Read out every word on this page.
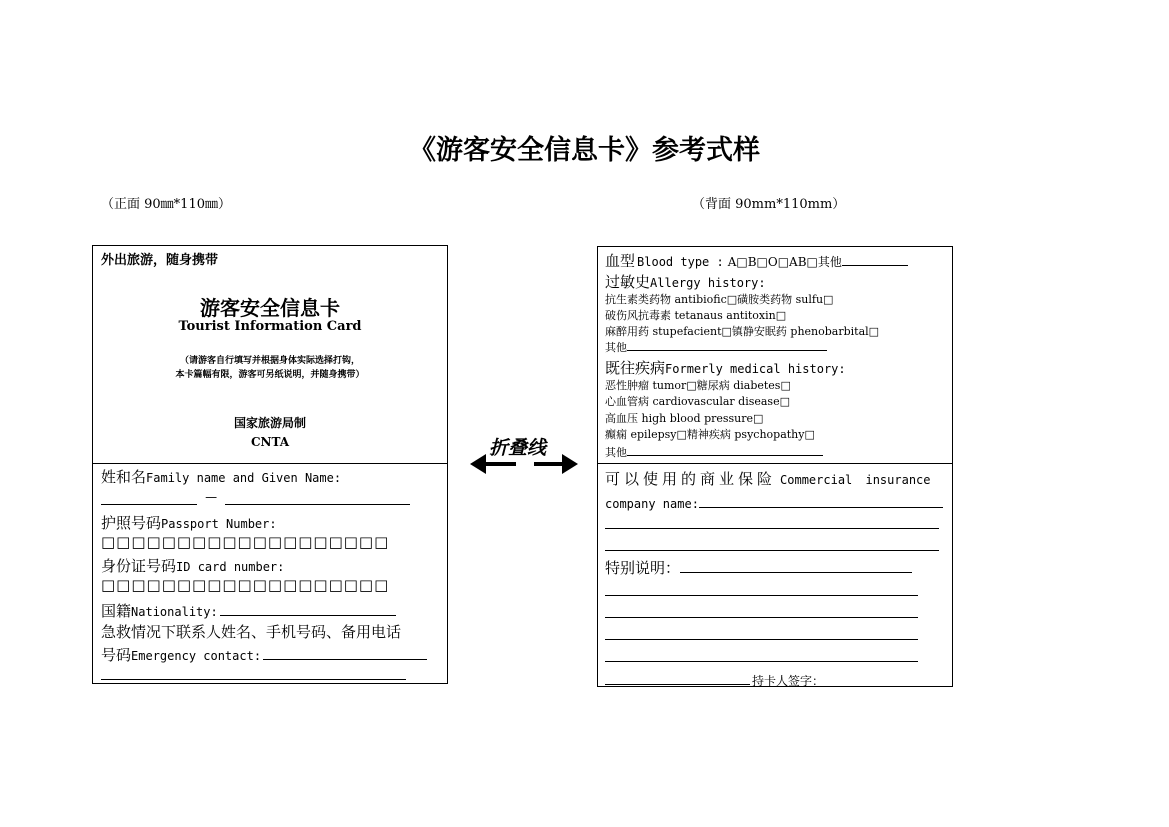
《游客安全信息卡》参考式样
（正面 90㎜*110㎜）	（背面 90mm*110mm）
外出旅游，随身携带
游客安全信息卡
Tourist Information Card
（请游客自行填写并根据身体实际选择打钩，
本卡篇幅有限，游客可另纸说明，并随身携带）
国家旅游局制
CNTA
姓和名Family name and Given Name:
—
护照号码Passport Number:
□□□□□□□□□□□□□□□□□□□
身份证号码ID card number:
□□□□□□□□□□□□□□□□□□□
国籍Nationality:
急救情况下联系人姓名、手机号码、备用电话
号码Emergency contact:
折叠线
血型 Blood type : A□B□O□AB□其他
过敏史Allergy history:
抗生素类药物 antibiofic□磺胺类药物 sulfu□
破伤风抗毒素 tetanaus antitoxin□
麻醉用药 stupefacient□镇静安眠药 phenobarbital□
其他
既往疾病Formerly medical history:
恶性肿瘤 tumor□糖尿病 diabetes□
心血管病 cardiovascular disease□
高血压 high blood pressure□
癫痫 epilepsy□精神疾病 psychopathy□
其他
可以使用的商业保险 Commercial insurance
company name:
特别说明：
持卡人签字：
